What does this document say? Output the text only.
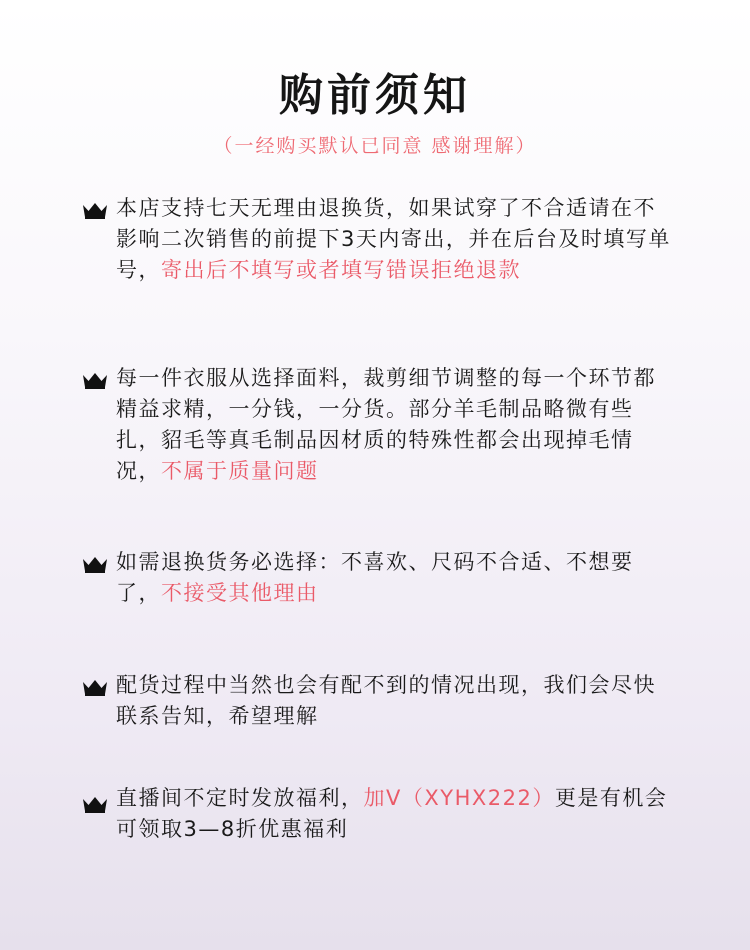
购前须知
（一经购买默认已同意 感谢理解）
本店支持七天无理由退换货，如果试穿了不合适请在不影响二次销售的前提下3天内寄出，并在后台及时填写单号，寄出后不填写或者填写错误拒绝退款
每一件衣服从选择面料，裁剪细节调整的每一个环节都精益求精，一分钱，一分货。部分羊毛制品略微有些扎，貂毛等真毛制品因材质的特殊性都会出现掉毛情况，不属于质量问题
如需退换货务必选择：不喜欢、尺码不合适、不想要了，不接受其他理由
配货过程中当然也会有配不到的情况出现，我们会尽快联系告知，希望理解
直播间不定时发放福利，加V（XYHX222）更是有机会可领取3—8折优惠福利
